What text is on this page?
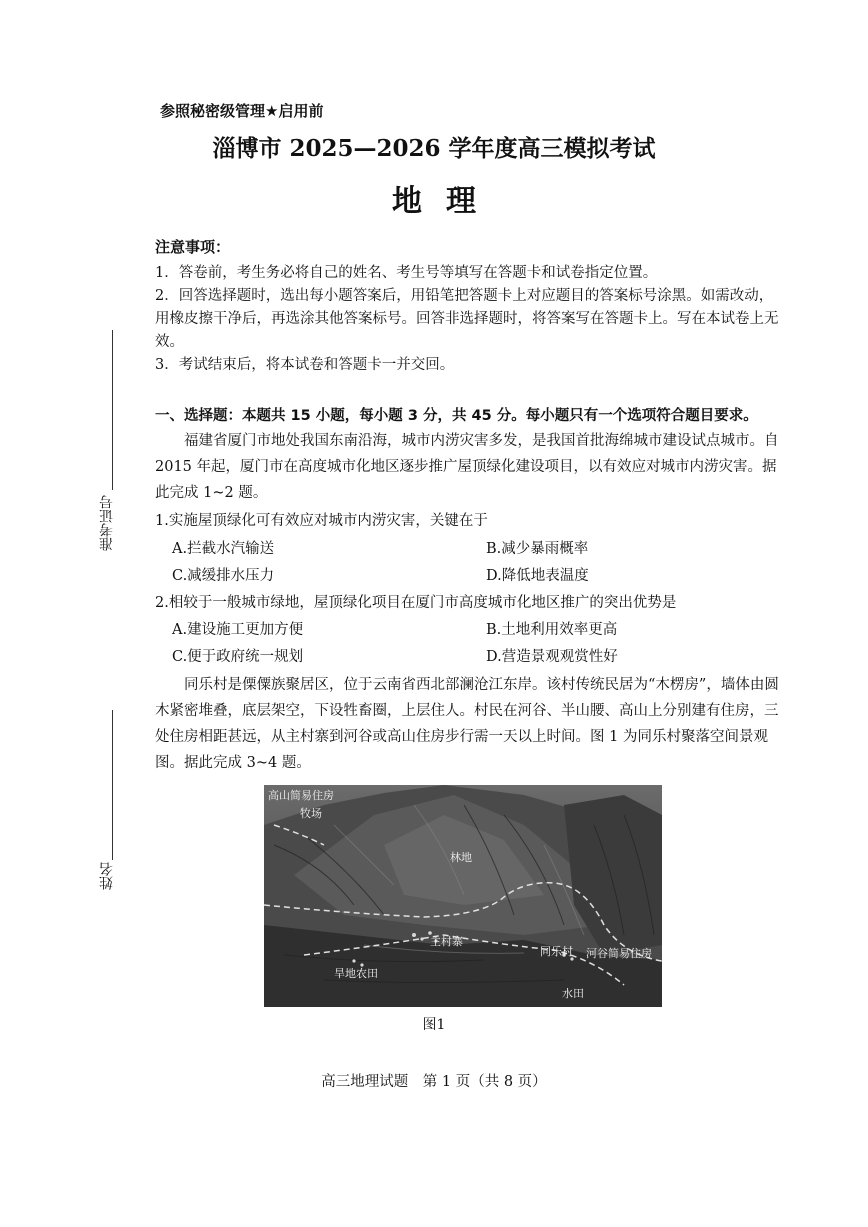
参照秘密级管理★启用前
淄博市 2025—2026 学年度高三模拟考试
地理
注意事项：
1．答卷前，考生务必将自己的姓名、考生号等填写在答题卡和试卷指定位置。
2．回答选择题时，选出每小题答案后，用铅笔把答题卡上对应题目的答案标号涂黑。如需改动，用橡皮擦干净后，再选涂其他答案标号。回答非选择题时，将答案写在答题卡上。写在本试卷上无效。
3．考试结束后，将本试卷和答题卡一并交回。
准考证号
姓名
一、选择题：本题共 15 小题，每小题 3 分，共 45 分。每小题只有一个选项符合题目要求。
福建省厦门市地处我国东南沿海，城市内涝灾害多发，是我国首批海绵城市建设试点城市。自 2015 年起，厦门市在高度城市化地区逐步推广屋顶绿化建设项目，以有效应对城市内涝灾害。据此完成 1~2 题。
1.实施屋顶绿化可有效应对城市内涝灾害，关键在于
A.拦截水汽输送	B.减少暴雨概率
C.减缓排水压力	D.降低地表温度
2.相较于一般城市绿地，屋顶绿化项目在厦门市高度城市化地区推广的突出优势是
A.建设施工更加方便	B.土地利用效率更高
C.便于政府统一规划	D.营造景观观赏性好
同乐村是傈僳族聚居区，位于云南省西北部澜沧江东岸。该村传统民居为“木楞房”，墙体由圆木紧密堆叠，底层架空，下设牲畜圈，上层住人。村民在河谷、半山腰、高山上分别建有住房，三处住房相距甚远，从主村寨到河谷或高山住房步行需一天以上时间。图 1 为同乐村聚落空间景观图。据此完成 3~4 题。
高山简易住房
牧场
林地
主村寨
旱地农田
同乐村 河谷简易住房
水田
图1
高三地理试题　第 1 页（共 8 页）
